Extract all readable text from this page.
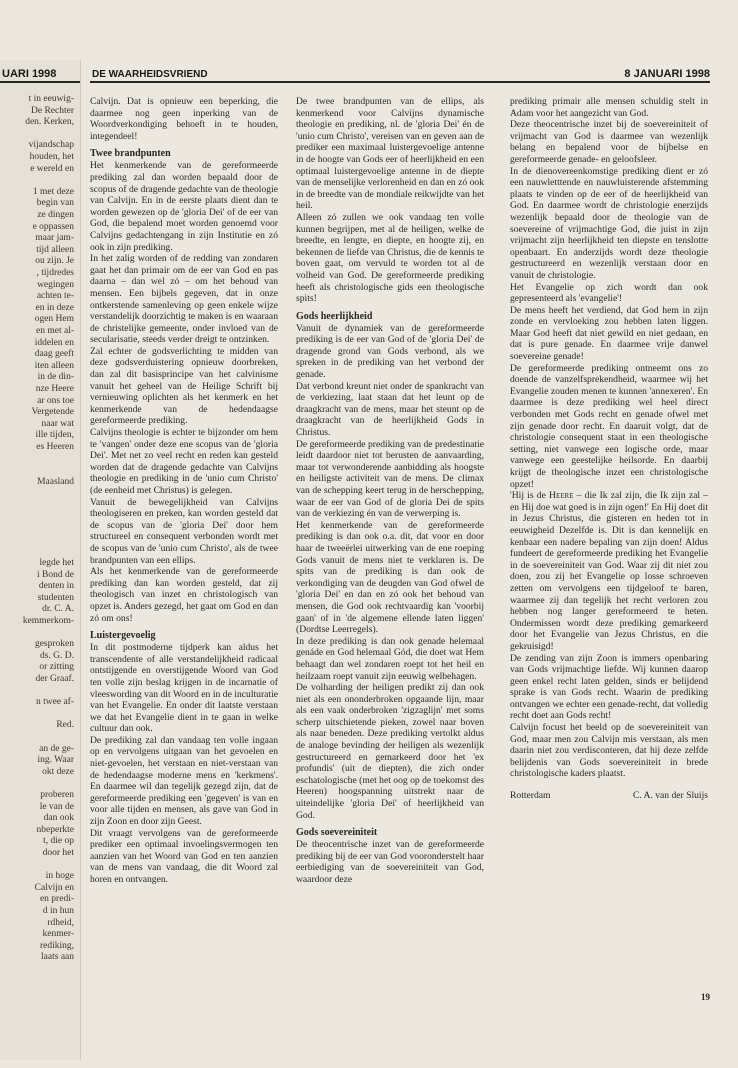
t in eeuwig-
De Rechter
den. Kerken,
vijandschap
houden, het
e wereld en
1 met deze
begin van
ze dingen
e oppassen
maar jam-
tijd alleen
ou zijn. Je
, tijdredes
wegingen
achten te-
en in deze
ogen Hem
en met al-
iddelen en
daag geeft
iten alleen
in de din-
nze Heere
ar ons toe
Vergetende
naar wat
ille tijden,
es Heeren
Maasland
legde het
i Bond de
denten in
studenten
dr. C. A.
kemmerkom-
gesproken
ds. G. D.
or zitting
der Graaf.
n twee af-
Red.
an de ge-
ing. Waar
okt deze
proberen
le van de
dan ook
nbeperkte
t, die op
door het
in hoge
Calvijn en
en predi-
d in hun
rdheid,
kenmer-
rediking,
laats aan
UARI 1998	DE WAARHEIDSVRIEND	8 JANUARI 1998

Calvijn. Dat is opnieuw een beperking, die daarmee nog geen inperking van de Woordverkondiging behoeft in te houden, integendeel!

Twee brandpunten

Het kenmerkende van de gereformeerde prediking zal dan worden bepaald door de scopus of de dragende gedachte van de theologie van Calvijn. En in de eerste plaats dient dan te worden gewezen op de 'gloria Dei' of de eer van God, die bepalend moet worden genoemd voor Calvijns gedachtengang in zijn Institutie en zó ook in zijn prediking.

In het zalig worden of de redding van zondaren gaat het dan primair om de eer van God en pas daarna – dan wel zó – om het behoud van mensen. Een bijbels gegeven, dat in onze ontkerstende samenleving op geen enkele wijze verstandelijk doorzichtig te maken is en waaraan de christelijke gemeente, onder invloed van de secularisatie, steeds verder dreigt te ontzinken.

Zal echter de godsverlichting te midden van deze godsverduistering opnieuw doorbreken, dan zal dit basisprincipe van het calvinisme vanuit het geheel van de Heilige Schrift bij vernieuwing oplichten als het kenmerk en het kenmerkende van de hedendaagse gereformeerde prediking.

Calvijns theologie is echter te bijzonder om hem te 'vangen' onder deze ene scopus van de 'gloria Dei'. Met net zo veel recht en reden kan gesteld worden dat de dragende gedachte van Calvijns theologie en prediking in de 'unio cum Christo' (de eenheid met Christus) is gelegen.

Vanuit de bewegelijkheid van Calvijns theologiseren en preken, kan worden gesteld dat de scopus van de 'gloria Dei' door hem structureel en consequent verbonden wordt met de scopus van de 'unio cum Christo', als de twee brandpunten van een ellips.

Als het kenmerkende van de gereformeerde prediking dan kan worden gesteld, dat zij theologisch van inzet en christologisch van opzet is. Anders gezegd, het gaat om God en dan zó om ons!

Luistergevoelig

In dit postmoderne tijdperk kan aldus het transcendente of alle verstandelijkheid radicaal ontstijgende en overstijgende Woord van God ten volle zijn beslag krijgen in de incarnatie of vleeswording van dit Woord en in de inculturatie van het Evangelie. En onder dit laatste verstaan we dat het Evangelie dient in te gaan in welke cultuur dan ook.

De prediking zal dan vandaag ten volle ingaan op en vervolgens uitgaan van het gevoelen en niet-gevoelen, het verstaan en niet-verstaan van de hedendaagse moderne mens en 'kerkmens'. En daarmee wil dan tegelijk gezegd zijn, dat de gereformeerde prediking een 'gegeven' is van en voor alle tijden en mensen, als gave van God in zijn Zoon en door zijn Geest.

Dit vraagt vervolgens van de gereformeerde prediker een optimaal invoelingsvermogen ten aanzien van het Woord van God en ten aanzien van de mens van vandaag, die dit Woord zal horen en ontvangen.

De twee brandpunten van de ellips, als kenmerkend voor Calvijns dynamische theologie en prediking, nl. de 'gloria Dei' én de 'unio cum Christo', vereisen van en geven aan de prediker een maximaal luistergevoelige antenne in de hoogte van Gods eer of heerlijkheid en een optimaal luistergevoelige antenne in de diepte van de menselijke verlorenheid en dan en zó ook in de breedte van de mondiale reikwijdte van het heil.

Alleen zó zullen we ook vandaag ten volle kunnen begrijpen, met al de heiligen, welke de breedte, en lengte, en diepte, en hoogte zij, en bekennen de liefde van Christus, die de kennis te boven gaat, om vervuld te worden tot al de volheid van God. De gereformeerde prediking heeft als christologische gids een theologische spits!

Gods heerlijkheid

Vanuit de dynamiek van de gereformeerde prediking is de eer van God of de 'gloria Dei' de dragende grond van Gods verbond, als we spreken in de prediking van het verbond der genade.

Dat verbond kreunt niet onder de spankracht van de verkiezing, laat staan dat het leunt op de draagkracht van de mens, maar het steunt op de draagkracht van de heerlijkheid Gods in Christus.

De gereformeerde prediking van de predestinatie leidt daardoor niet tot berusten de aanvaarding, maar tot verwonderende aanbidding als hoogste en heiligste activiteit van de mens. De climax van de schepping keert terug in de herschepping, waar de eer van God of de gloria Dei de spits van de verkiezing én van de verwerping is.

Het kenmerkende van de gereformeerde prediking is dan ook o.a. dit, dat voor en door haar de tweeërlei uitwerking van de ene roeping Gods vanuit de mens niet te verklaren is. De spits van de prediking is dan ook de verkondiging van de deugden van God ofwel de 'gloria Dei' en dan en zó ook het behoud van mensen, die God ook rechtvaardig kan 'voorbij gaan' of in 'de algemene ellende laten liggen' (Dordtse Leerregels).

In deze prediking is dan ook genade helemaal genáde en God helemaal Gód, die doet wat Hem behaagt dan wel zondaren roept tot het heil en heilzaam roept vanuit zijn eeuwig welbehagen.

De volharding der heiligen predikt zij dan ook niet als een ononderbroken opgaande lijn, maar als een vaak onderbroken 'zigzaglijn' met soms scherp uitschietende pieken, zowel naar boven als naar beneden. Deze prediking vertolkt aldus de analoge bevinding der heiligen als wezenlijk gestructureerd en gemarkeerd door het 'ex profundis' (uit de diepten), die zich onder eschatologische (met het oog op de toekomst des Heeren) hoogspanning uitstrekt naar de uiteindelijke 'gloria Dei' of heerlijkheid van God.

Gods soevereiniteit

De theocentrische inzet van de gereformeerde prediking bij de eer van God vooronderstelt haar eerbiediging van de soevereiniteit van God, waardoor deze

prediking primair alle mensen schuldig stelt in Adam voor het aangezicht van God.

Deze theocentrische inzet bij de soevereiniteit of vrijmacht van God is daarmee van wezenlijk belang en bepalend voor de bijbelse en gereformeerde genade- en geloofsleer.

In de dienovereenkomstige prediking dient er zó een nauwletttende en nauwluisterende afstemming plaats te vinden op de eer of de heerlijkheid van God. En daarmee wordt de christologie enerzijds wezenlijk bepaald door de theologie van de soevereine of vrijmachtige God, die juist in zijn vrijmacht zijn heerlijkheid ten diepste en tenslotte openbaart. En anderzijds wordt deze theologie gestructureerd en wezenlijk verstaan door en vanuit de christologie.

Het Evangelie op zich wordt dan ook gepresenteerd als 'evangelie'!

De mens heeft het verdiend, dat God hem in zijn zonde en vervloeking zou hebben laten liggen. Maar God heeft dat niet gewild en niet gedaan, en dat is pure genade. En daarmee vrije danwel soevereine genade!

De gereformeerde prediking ontneemt ons zo doende de vanzelfsprekendheid, waarmee wij het Evangelie zouden menen te kunnen 'annexeren'. En daarmee is deze prediking wel heel direct verbonden met Gods recht en genade ofwel met zijn genade door recht. En daaruit volgt, dat de christologie consequent staat in een theologische setting, niet vanwege een logische orde, maar vanwege een geestelijke heilsorde. En daarbij krijgt de theologische inzet een christologische opzet!

'Hij is de Heere – die Ik zal zijn, die Ik zijn zal – en Hij doe wat goed is in zijn ogen!' En Hij doet dit in Jezus Christus, die gisteren en heden tot in eeuwigheid Dezelfde is. Dit is dan kennelijk en kenbaar een nadere bepaling van zijn doen! Aldus fundeert de gereformeerde prediking het Evangelie in de soevereiniteit van God. Waar zij dit niet zou doen, zou zij het Evangelie op losse schroeven zetten om vervolgens een tijdgeloof te baren, waarmee zij dan tegelijk het recht verloren zou hebben nog langer gereformeerd te heten. Ondermissen wordt deze prediking gemarkeerd door het Evangelie van Jezus Christus, en die gekruisigd!

De zending van zijn Zoon is immers openbaring van Gods vrijmachtige liefde. Wij kunnen daarop geen enkel recht laten gelden, sinds er belijdend sprake is van Gods recht. Waarin de prediking ontvangen we echter een genade-recht, dat volledig recht doet aan Gods recht!

Calvijn focust het beeld op de soevereiniteit van God, maar men zou Calvijn mis verstaan, als men daarin niet zou verdisconteren, dat hij deze zelfde belijdenis van Gods soevereiniteit in brede christologische kaders plaatst.

Rotterdam	C. A. van der Sluijs
19
